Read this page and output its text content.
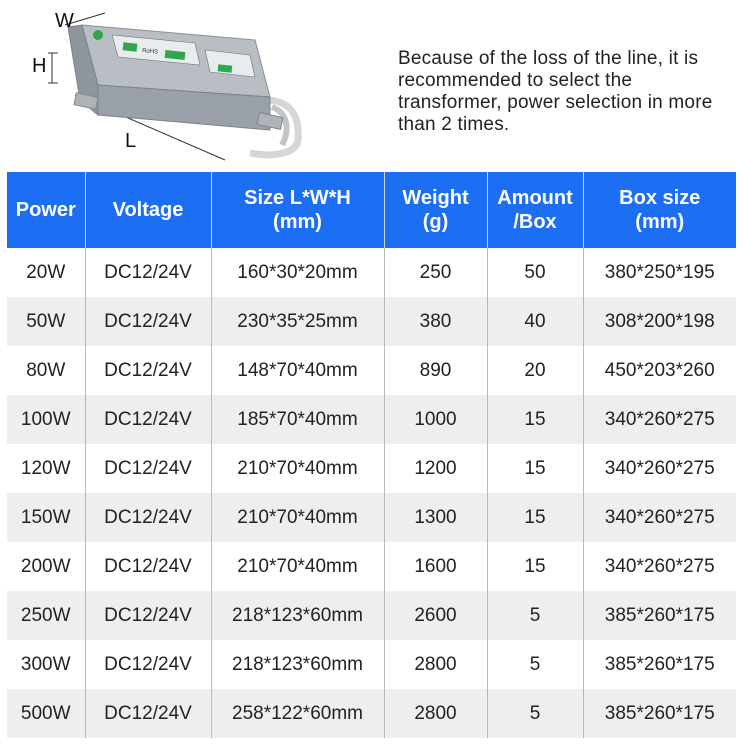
RoHS
W
H
L
Because of the loss of the line, it is recommended to select the transformer, power selection in more than 2 times.
Power	Voltage	Size L*W*H (mm)	Weight (g)	Amount /Box	Box size (mm)
20W	DC12/24V	160*30*20mm	250	50	380*250*195
50W	DC12/24V	230*35*25mm	380	40	308*200*198
80W	DC12/24V	148*70*40mm	890	20	450*203*260
100W	DC12/24V	185*70*40mm	1000	15	340*260*275
120W	DC12/24V	210*70*40mm	1200	15	340*260*275
150W	DC12/24V	210*70*40mm	1300	15	340*260*275
200W	DC12/24V	210*70*40mm	1600	15	340*260*275
250W	DC12/24V	218*123*60mm	2600	5	385*260*175
300W	DC12/24V	218*123*60mm	2800	5	385*260*175
500W	DC12/24V	258*122*60mm	2800	5	385*260*175
